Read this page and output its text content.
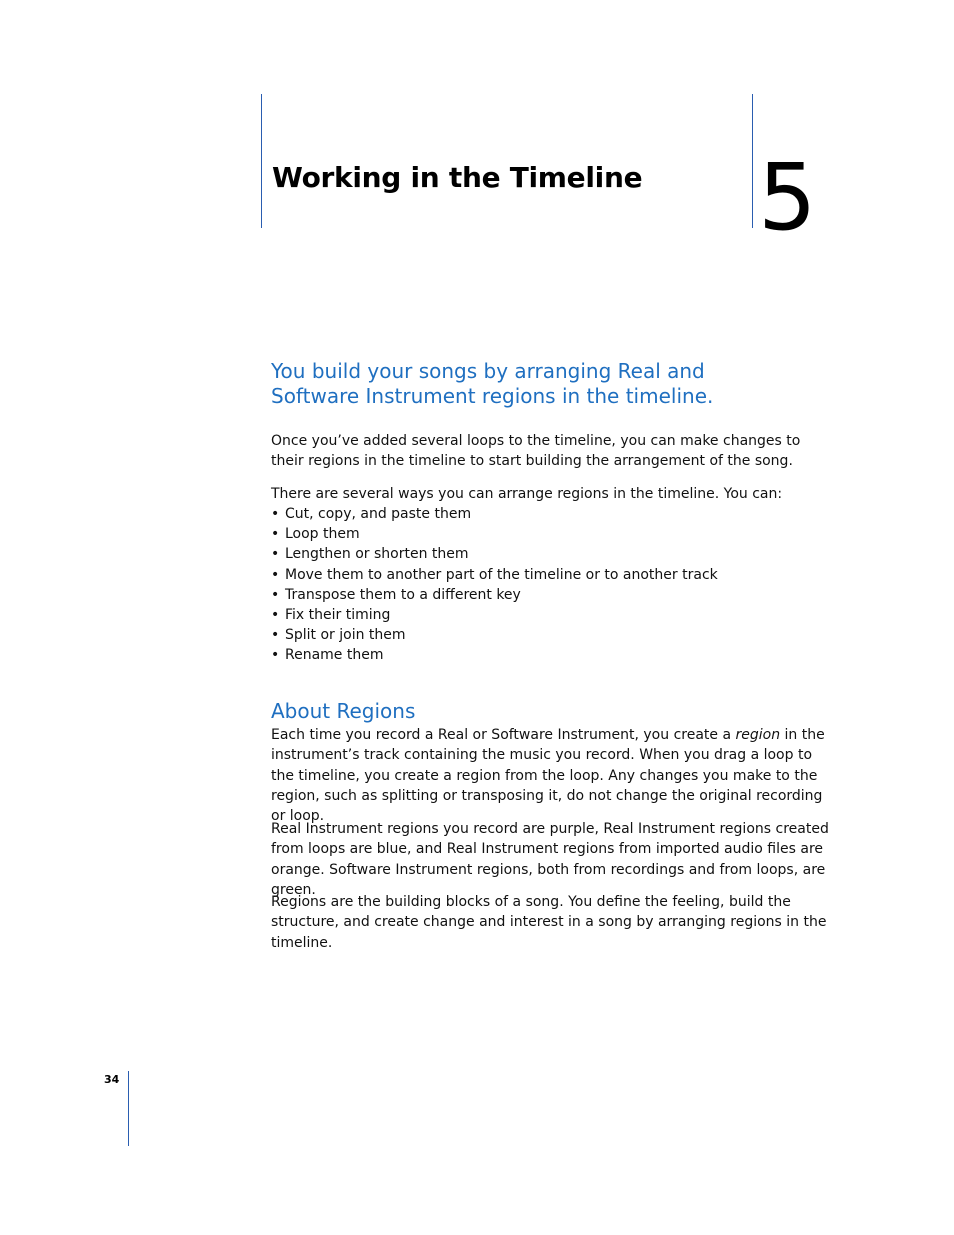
Working in the Timeline 5
You build your songs by arranging Real and Software Instrument regions in the timeline.

Once you’ve added several loops to the timeline, you can make changes to their regions in the timeline to start building the arrangement of the song.

There are several ways you can arrange regions in the timeline. You can:

• Cut, copy, and paste them
• Loop them
• Lengthen or shorten them
• Move them to another part of the timeline or to another track
• Transpose them to a different key
• Fix their timing
• Split or join them
• Rename them
About Regions

Each time you record a Real or Software Instrument, you create a region in the instrument’s track containing the music you record. When you drag a loop to the timeline, you create a region from the loop. Any changes you make to the region, such as splitting or transposing it, do not change the original recording or loop.

Real Instrument regions you record are purple, Real Instrument regions created from loops are blue, and Real Instrument regions from imported audio files are orange. Software Instrument regions, both from recordings and from loops, are green.

Regions are the building blocks of a song. You define the feeling, build the structure, and create change and interest in a song by arranging regions in the timeline.

34
